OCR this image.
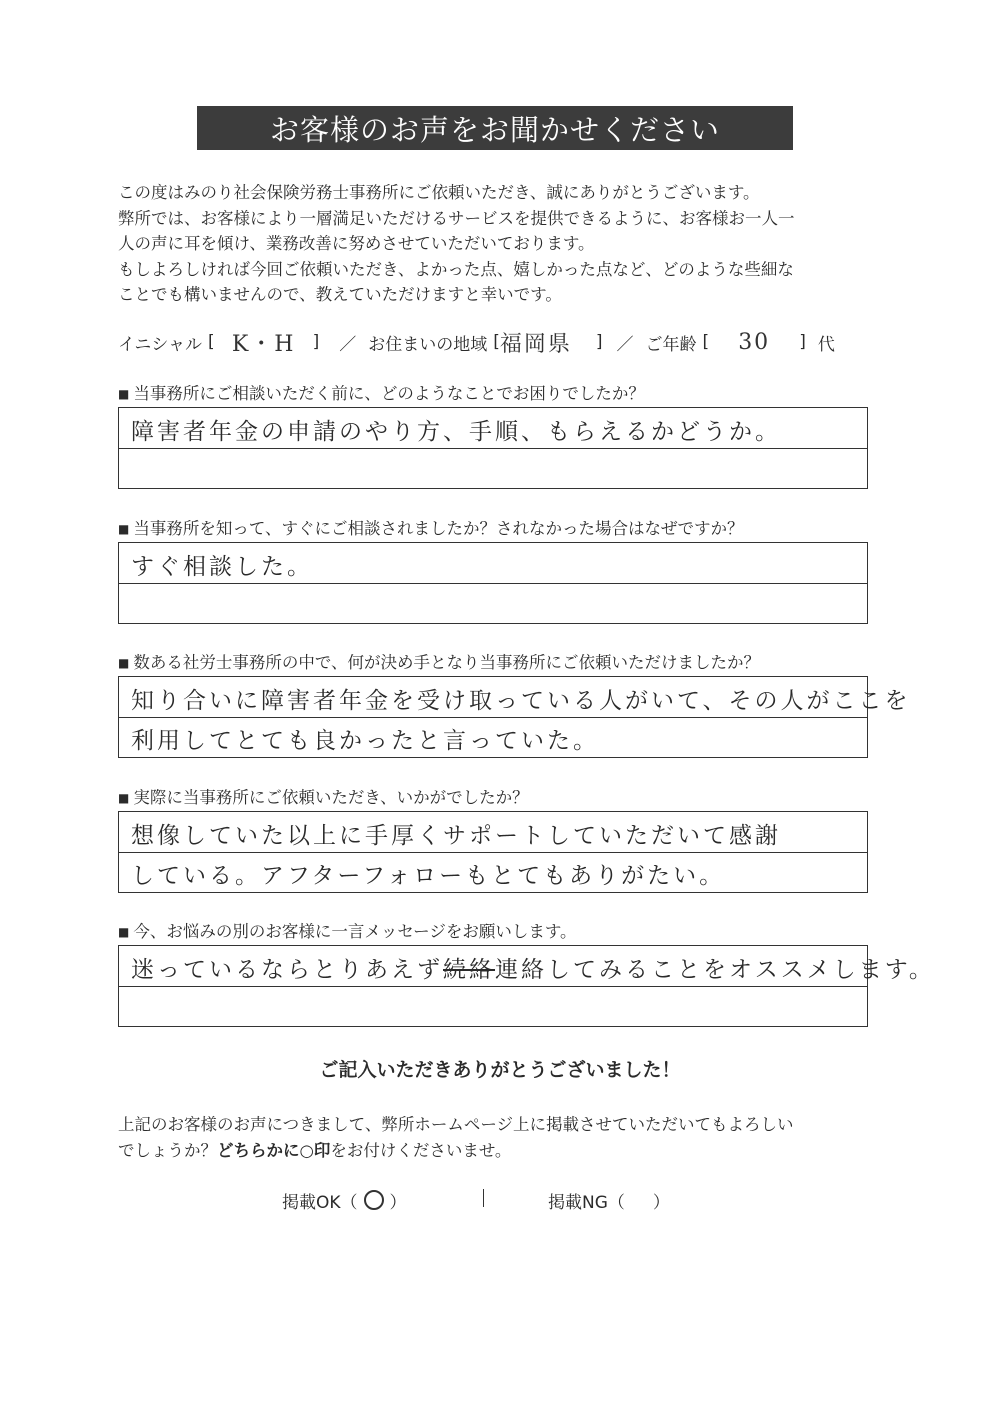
お客様のお声をお聞かせください
この度はみのり社会保険労務士事務所にご依頼いただき、誠にありがとうございます。
弊所では、お客様により一層満足いただけるサービスを提供できるように、お客様お一人一
人の声に耳を傾け、業務改善に努めさせていただいております。
もしよろしければ今回ご依頼いただき、よかった点、嬉しかった点など、どのような些細な
ことでも構いませんので、教えていただけますと幸いです。
イニシャル [ K・H	] ／ お住まいの地域 [ 福岡県	] ／ ご年齢 [	30	] 代
■ 当事務所にご相談いただく前に、どのようなことでお困りでしたか？
障害者年金の申請のやり方、手順、もらえるかどうか。
■ 当事務所を知って、すぐにご相談されましたか？されなかった場合はなぜですか？
すぐ相談した。
■ 数ある社労士事務所の中で、何が決め手となり当事務所にご依頼いただけましたか？
知り合いに障害者年金を受け取っている人がいて、その人がここを
利用してとても良かったと言っていた。
■ 実際に当事務所にご依頼いただき、いかがでしたか？
想像していた以上に手厚くサポートしていただいて感謝
している。アフターフォローもとてもありがたい。
■ 今、お悩みの別のお客様に一言メッセージをお願いします。
迷っているならとりあえず 続絡 連絡してみることをオススメします。
ご記入いただきありがとうございました！
上記のお客様のお声につきまして、弊所ホームページ上に掲載させていただいてもよろしい
でしょうか？どちらかに○印をお付けくださいませ。
掲載OK（ ○ ）	掲載NG（ ）
